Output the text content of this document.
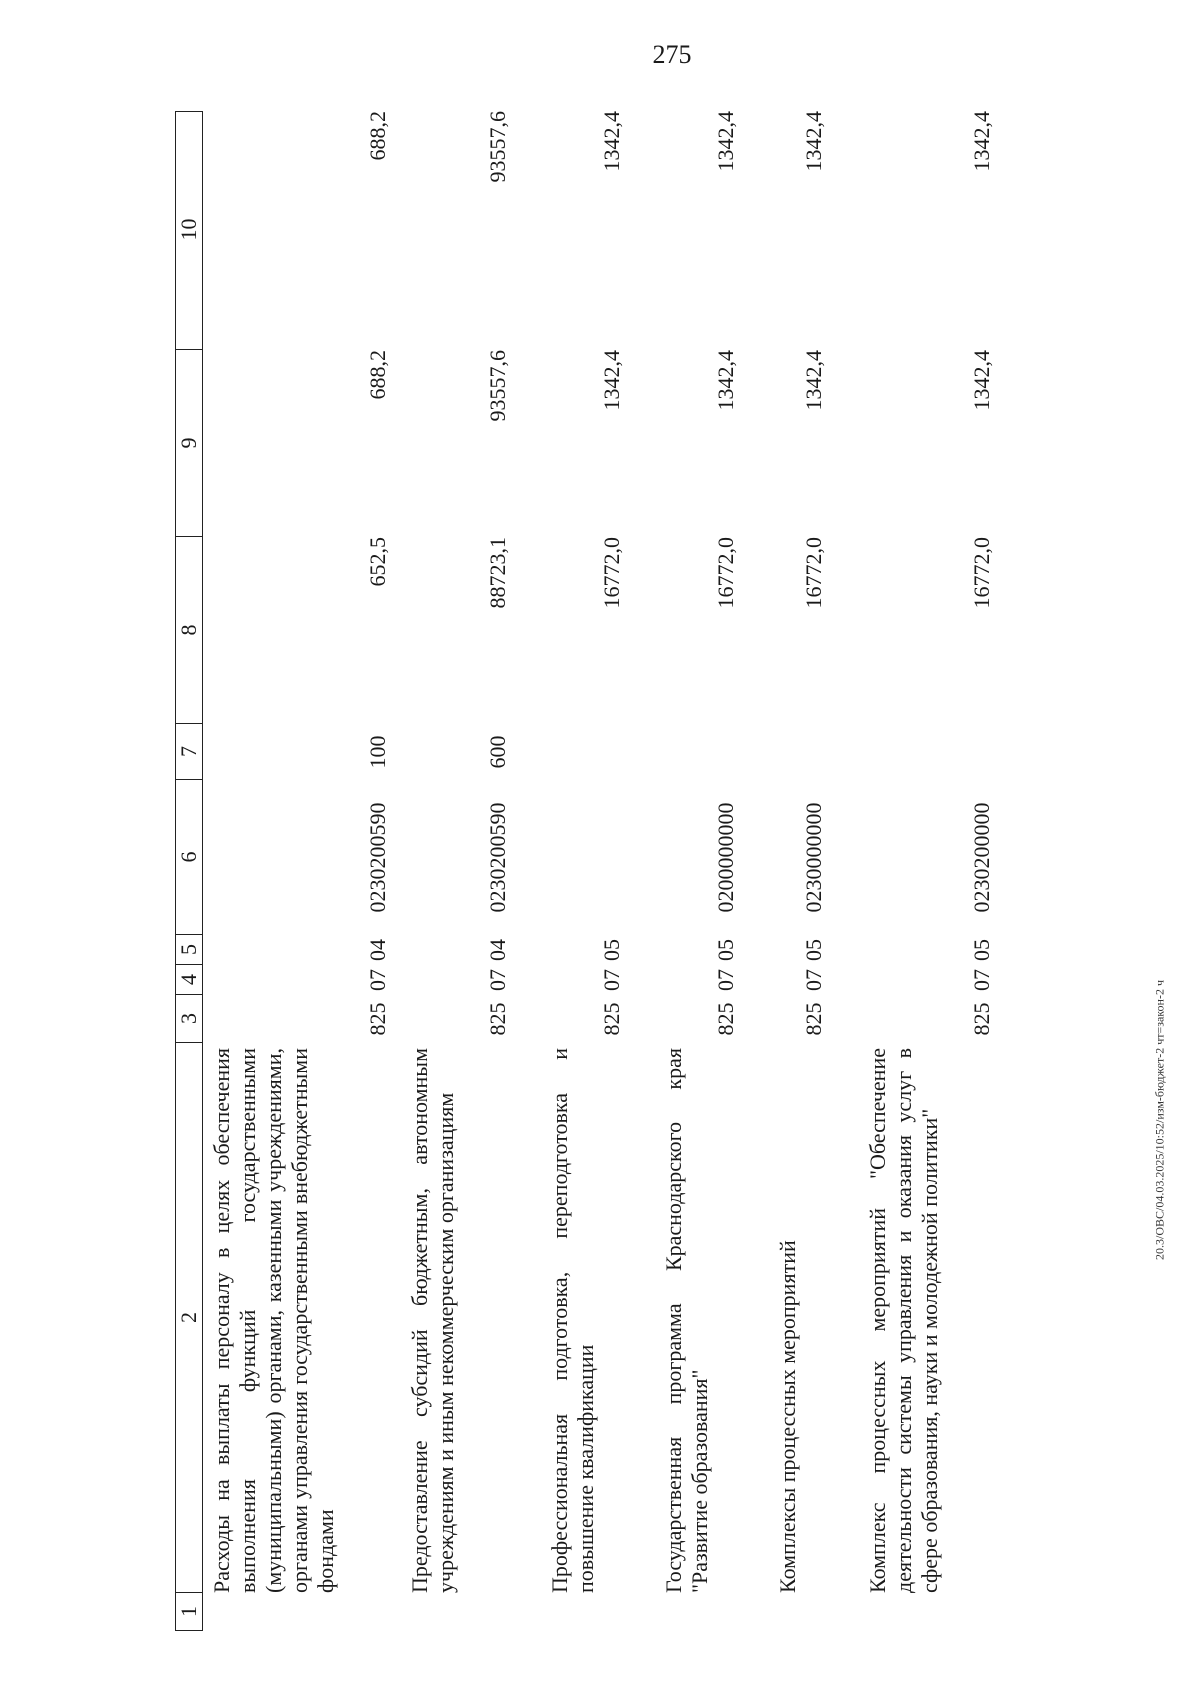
275
20.3/ОВС/04.03.2025/10:52/изм-бюджет-2 чт=закон-2 ч
1
2
3
4
5
6
7
8
9
10
Расходы на выплаты персоналу в целях обеспечения выполнения функций государственными (муниципальными) органами, казенными учреждениями, органами управления государственными внебюджетными фондами
825
07
04
0230200590
100
652,5
688,2
688,2
Предоставление субсидий бюджетным, автономным учреждениям и иным некоммерческим организациям
825
07
04
0230200590
600
88723,1
93557,6
93557,6
Профессиональная подготовка, переподготовка и повышение квалификации
825
07
05
16772,0
1342,4
1342,4
Государственная программа Краснодарского края "Развитие образования"
825
07
05
0200000000
16772,0
1342,4
1342,4
Комплексы процессных мероприятий
825
07
05
0230000000
16772,0
1342,4
1342,4
Комплекс процессных мероприятий "Обеспечение деятельности системы управления и оказания услуг в сфере образования, науки и молодежной политики"
825
07
05
0230200000
16772,0
1342,4
1342,4
